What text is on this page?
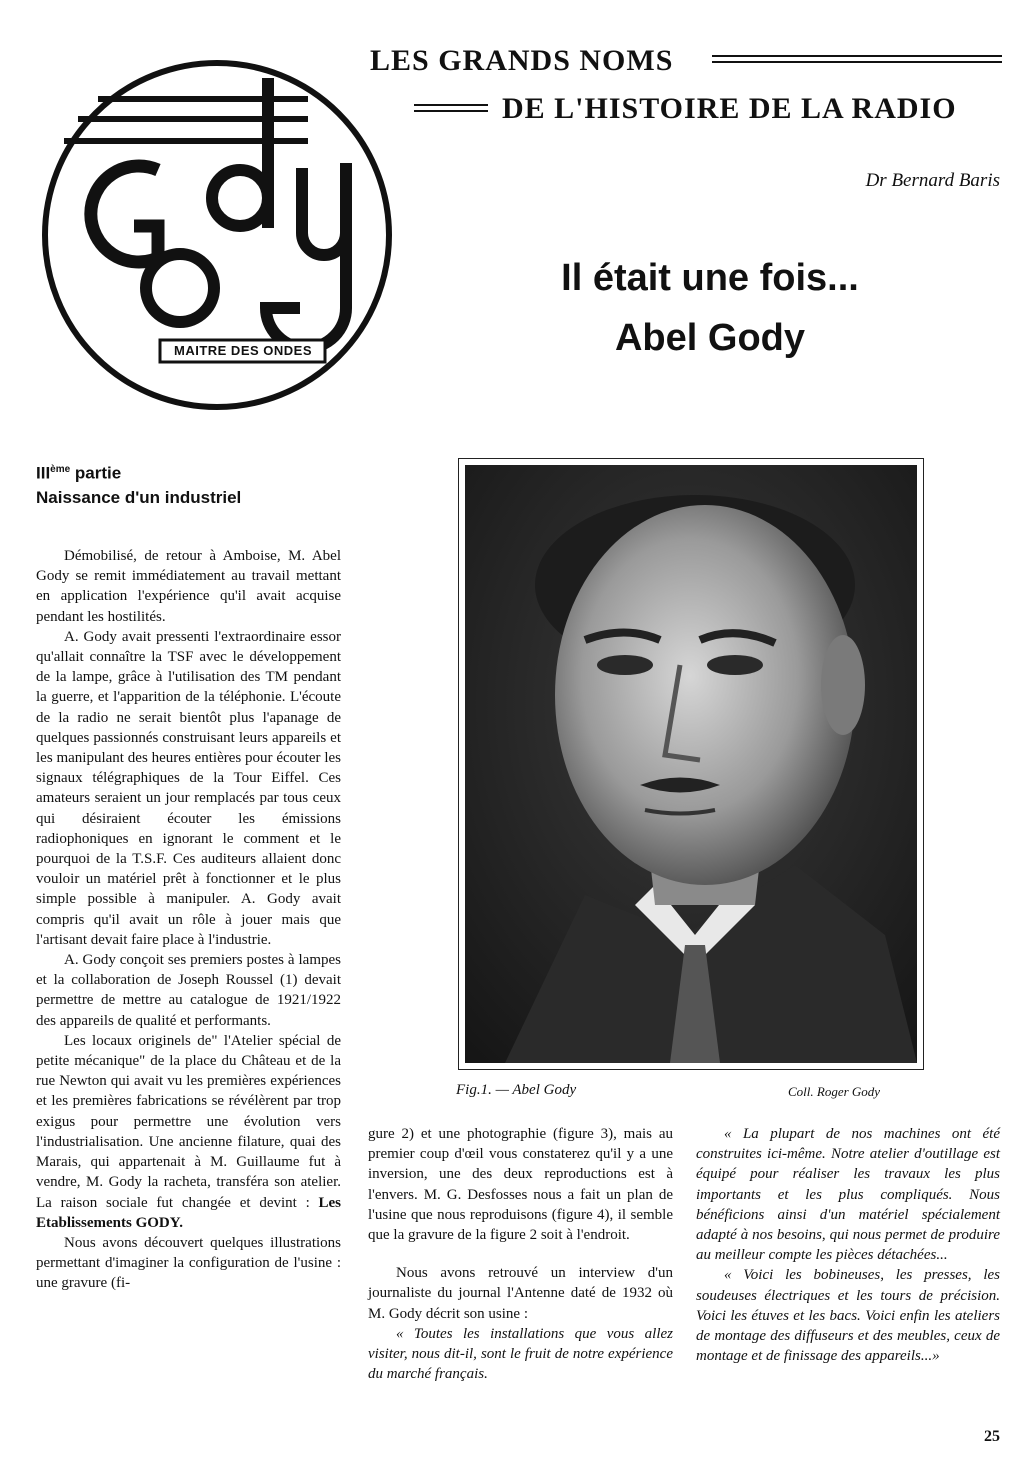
MAITRE DES ONDES
LES GRANDS NOMS
DE L'HISTOIRE DE LA RADIO
Dr Bernard Baris
Il était une fois...
Abel Gody
IIIème partie
Naissance d'un industriel
Fig.1. — Abel Gody	Coll. Roger Gody

Démobilisé, de retour à Amboise, M. Abel Gody se remit immédiatement au travail mettant en application l'expérience qu'il avait acquise pendant les hostilités.

A. Gody avait pressenti l'extraordinaire essor qu'allait connaître la TSF avec le développement de la lampe, grâce à l'utilisation des TM pendant la guerre, et l'apparition de la téléphonie. L'écoute de la radio ne serait bientôt plus l'apanage de quelques passionnés construisant leurs appareils et les manipulant des heures entières pour écouter les signaux télégraphiques de la Tour Eiffel. Ces amateurs seraient un jour remplacés par tous ceux qui désiraient écouter les émissions radiophoniques en ignorant le comment et le pourquoi de la T.S.F. Ces auditeurs allaient donc vouloir un matériel prêt à fonctionner et le plus simple possible à manipuler. A. Gody avait compris qu'il avait un rôle à jouer mais que l'artisant devait faire place à l'industrie.

A. Gody conçoit ses premiers postes à lampes et la collaboration de Joseph Roussel (1) devait permettre de mettre au catalogue de 1921/1922 des appareils de qualité et performants.

Les locaux originels de" l'Atelier spécial de petite mécanique" de la place du Château et de la rue Newton qui avait vu les premières expériences et les premières fabrications se révélèrent par trop exigus pour permettre une évolution vers l'industrialisation. Une ancienne filature, quai des Marais, qui appartenait à M. Guillaume fut à vendre, M. Gody la racheta, transféra son atelier. La raison sociale fut changée et devint : Les Etablissements GODY.

Nous avons découvert quelques illustrations permettant d'imaginer la configuration de l'usine : une gravure (fi-

gure 2) et une photographie (figure 3), mais au premier coup d'œil vous constaterez qu'il y a une inversion, une des deux reproductions est à l'envers. M. G. Desfosses nous a fait un plan de l'usine que nous reproduisons (figure 4), il semble que la gravure de la figure 2 soit à l'endroit.

Nous avons retrouvé un interview d'un journaliste du journal l'Antenne daté de 1932 où M. Gody décrit son usine :

« Toutes les installations que vous allez visiter, nous dit-il, sont le fruit de notre expérience du marché français.

« La plupart de nos machines ont été construites ici-même. Notre atelier d'outillage est équipé pour réaliser les travaux les plus importants et les plus compliqués. Nous bénéficions ainsi d'un matériel spécialement adapté à nos besoins, qui nous permet de produire au meilleur compte les pièces détachées...

« Voici les bobineuses, les presses, les soudeuses électriques et les tours de précision. Voici les étuves et les bacs. Voici enfin les ateliers de montage des diffuseurs et des meubles, ceux de montage et de finissage des appareils...»

25
